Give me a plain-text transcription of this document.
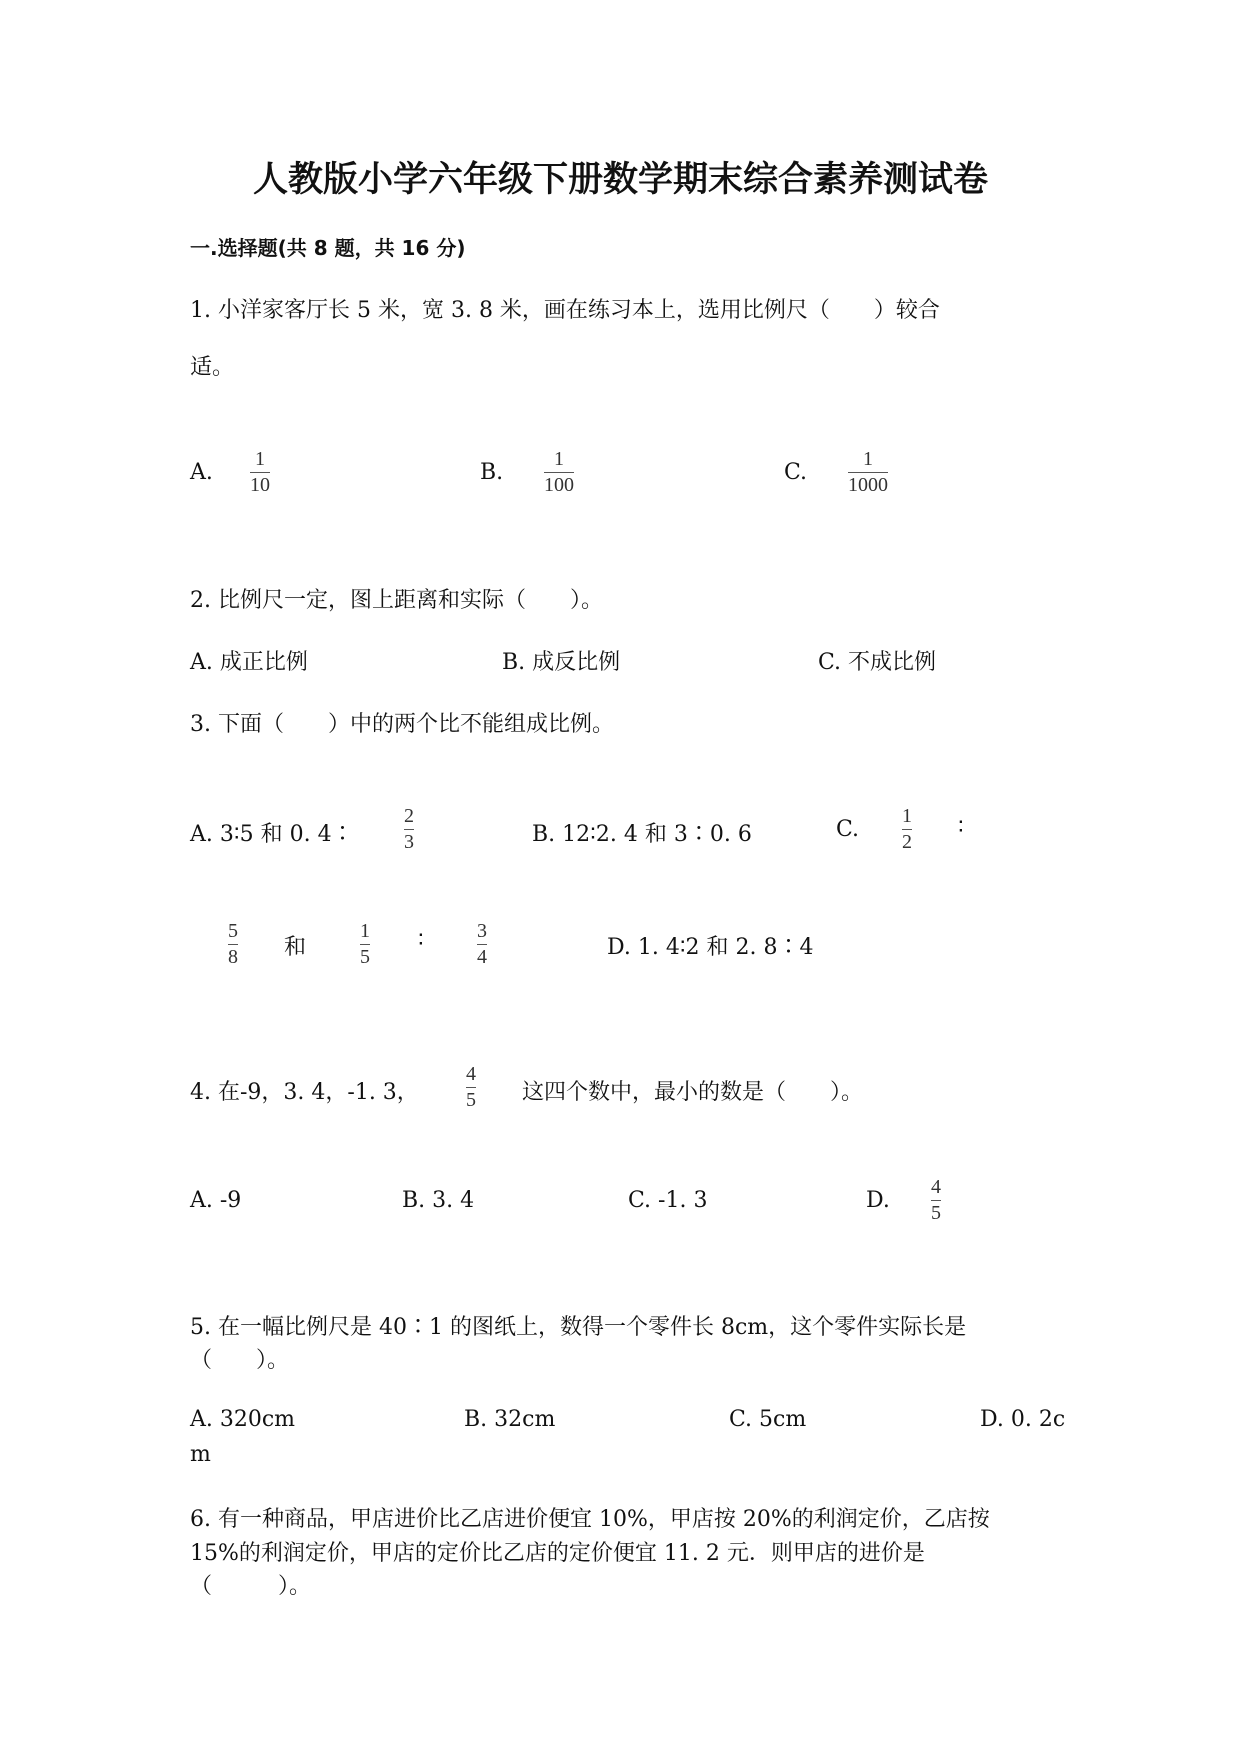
人教版小学六年级下册数学期末综合素养测试卷
一.选择题(共 8 题，共 16 分)
1. 小洋家客厅长 5 米，宽 3. 8 米，画在练习本上，选用比例尺（　　）较合
适。
A.
1
10	B.
1
100	C.
1
1000
2. 比例尺一定，图上距离和实际（　　）。
A. 成正比例	B. 成反比例	C. 不成比例
3. 下面（　　）中的两个比不能组成比例。
A. 3∶5 和 0. 4∶
2
3	B. 12∶2. 4 和 3∶0. 6	C.
1
2
∶
5
8 和
1
5
∶	3
4	D. 1. 4∶2 和 2. 8∶4
4. 在-9，3. 4，-1. 3，
4
5 这四个数中，最小的数是（　　）。
A. -9	B. 3. 4	C. -1. 3	D.
4
5
5. 在一幅比例尺是 40∶1 的图纸上，数得一个零件长 8cm，这个零件实际长是
（　　）。
A. 320cm	B. 32cm	C. 5cm	D. 0. 2c
m
6. 有一种商品，甲店进价比乙店进价便宜 10%，甲店按 20%的利润定价，乙店按
15%的利润定价，甲店的定价比乙店的定价便宜 11. 2 元．则甲店的进价是
（　　　）。
